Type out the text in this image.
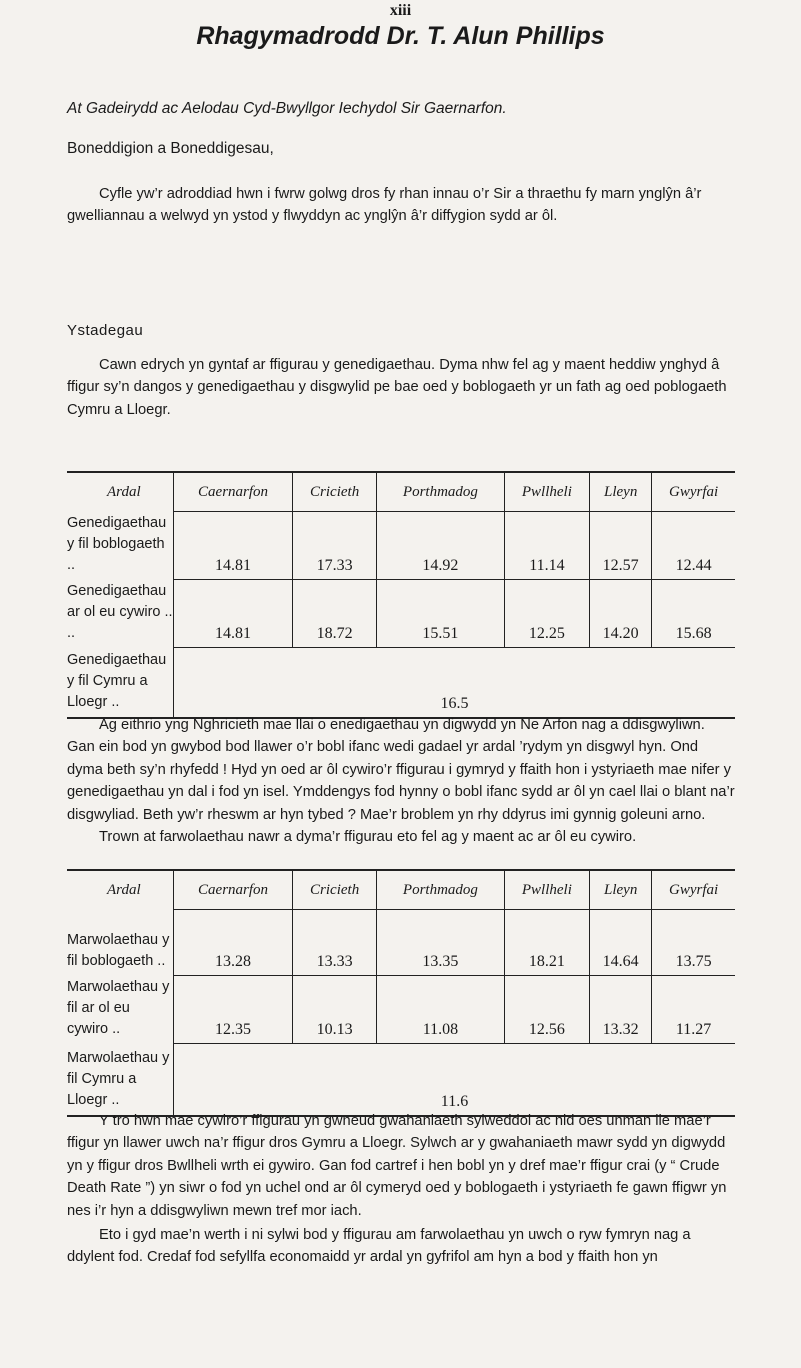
xiii
Rhagymadrodd Dr. T. Alun Phillips
At Gadeirydd ac Aelodau Cyd-Bwyllgor Iechydol Sir Gaernarfon.
Boneddigion a Boneddigesau,

Cyfle yw’r adroddiad hwn i fwrw golwg dros fy rhan innau o’r Sir a thraethu fy marn ynglŷn â’r gwelliannau a welwyd yn ystod y flwyddyn ac ynglŷn â’r diffygion sydd ar ôl.

Ystadegau

Cawn edrych yn gyntaf ar ffigurau y genedigaethau. Dyma nhw fel ag y maent heddiw ynghyd â ffigur sy’n dangos y genedigaethau y disgwylid pe bae oed y boblogaeth yr un fath ag oed poblogaeth Cymru a Lloegr.

Ardal	Caernarfon	Cricieth	Porthmadog	Pwllheli	Lleyn	Gwyrfai
Genedigaethau y fil boblogaeth ..	14.81	17.33	14.92	11.14	12.57	12.44
Genedigaethau ar ol eu cywiro .. ..	14.81	18.72	15.51	12.25	14.20	15.68
Genedigaethau y fil Cymru a Lloegr ..	16.5					

Ag eithrio yng Nghricieth mae llai o enedigaethau yn digwydd yn Ne Arfon nag a ddisgwyliwn. Gan ein bod yn gwybod bod llawer o’r bobl ifanc wedi gadael yr ardal ’rydym yn disgwyl hyn. Ond dyma beth sy’n rhyfedd ! Hyd yn oed ar ôl cywiro’r ffigurau i gymryd y ffaith hon i ystyriaeth mae nifer y genedigaethau yn dal i fod yn isel. Ymddengys fod hynny o bobl ifanc sydd ar ôl yn cael llai o blant na’r disgwyliad. Beth yw’r rheswm ar hyn tybed ? Mae’r broblem yn rhy ddyrus imi gynnig goleuni arno.

Trown at farwolaethau nawr a dyma’r ffigurau eto fel ag y maent ac ar ôl eu cywiro.

Ardal	Caernarfon	Cricieth	Porthmadog	Pwllheli	Lleyn	Gwyrfai
Marwolaethau y fil boblogaeth ..	13.28	13.33	13.35	18.21	14.64	13.75
Marwolaethau y fil ar ol eu cywiro ..	12.35	10.13	11.08	12.56	13.32	11.27
Marwolaethau y fil Cymru a Lloegr ..	11.6					

Y tro hwn mae cywiro’r ffigurau yn gwneud gwahaniaeth sylweddol ac nid oes unman lle mae’r ffigur yn llawer uwch na’r ffigur dros Gymru a Lloegr. Sylwch ar y gwahaniaeth mawr sydd yn digwydd yn y ffigur dros Bwllheli wrth ei gywiro. Gan fod cartref i hen bobl yn y dref mae’r ffigur crai (y “ Crude Death Rate ”) yn siwr o fod yn uchel ond ar ôl cymeryd oed y boblogaeth i ystyriaeth fe gawn ffigwr yn nes i’r hyn a ddisgwyliwn mewn tref mor iach.

Eto i gyd mae’n werth i ni sylwi bod y ffigurau am farwolaethau yn uwch o ryw fymryn nag a ddylent fod. Credaf fod sefyllfa economaidd yr ardal yn gyfrifol am hyn a bod y ffaith hon yn
